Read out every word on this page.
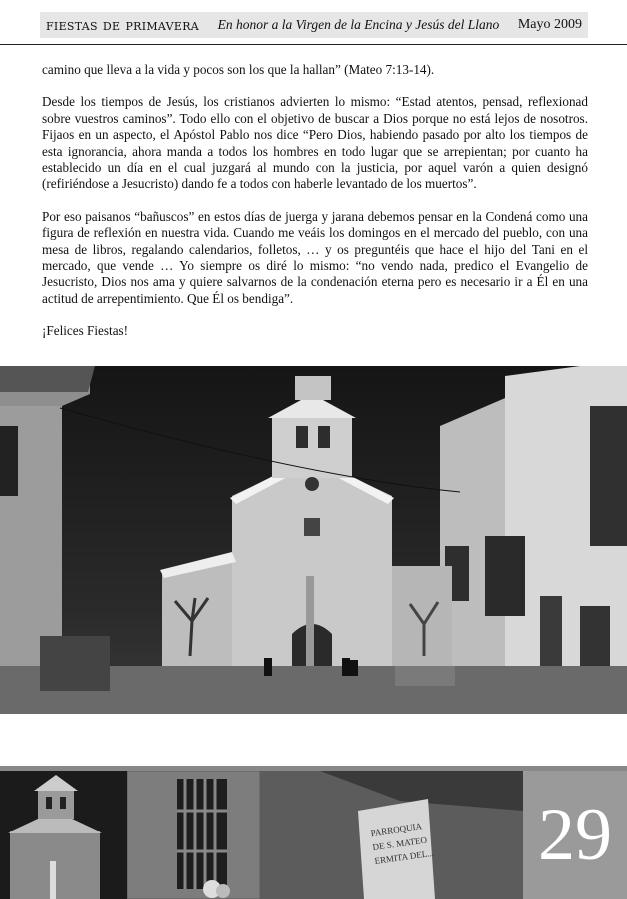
fiestas de primavera En honor a la Virgen de la Encina y Jesús del Llano Mayo 2009

camino que lleva a la vida y pocos son los que la hallan” (Mateo 7:13-14).

Desde los tiempos de Jesús, los cristianos advierten lo mismo: “Estad atentos, pensad, reflexionad sobre vuestros caminos”. Todo ello con el objetivo de buscar a Dios porque no está lejos de nosotros. Fijaos en un aspecto, el Apóstol Pablo nos dice “Pero Dios, habiendo pasado por alto los tiempos de esta ignorancia, ahora manda a todos los hombres en todo lugar que se arrepientan; por cuanto ha establecido un día en el cual juzgará al mundo con la justicia, por aquel varón a quien designó (refiriéndose a Jesucristo) dando fe a todos con haberle levantado de los muertos”.

Por eso paisanos “bañuscos” en estos días de juerga y jarana debemos pensar en la Condená como una figura de reflexión en nuestra vida. Cuando me veáis los domingos en el mercado del pueblo, con una mesa de libros, regalando calendarios, folletos, … y os preguntéis que hace el hijo del Tani en el mercado, que vende … Yo siempre os diré lo mismo: “no vendo nada, predico el Evangelio de Jesucristo, Dios nos ama y quiere salvarnos de la condenación eterna pero es necesario ir a Él en una actitud de arrepentimiento. Que Él os bendiga”.

¡Felices Fiestas!

PARROQUIA
DE S. MATEO
ERMITA DEL... 29
